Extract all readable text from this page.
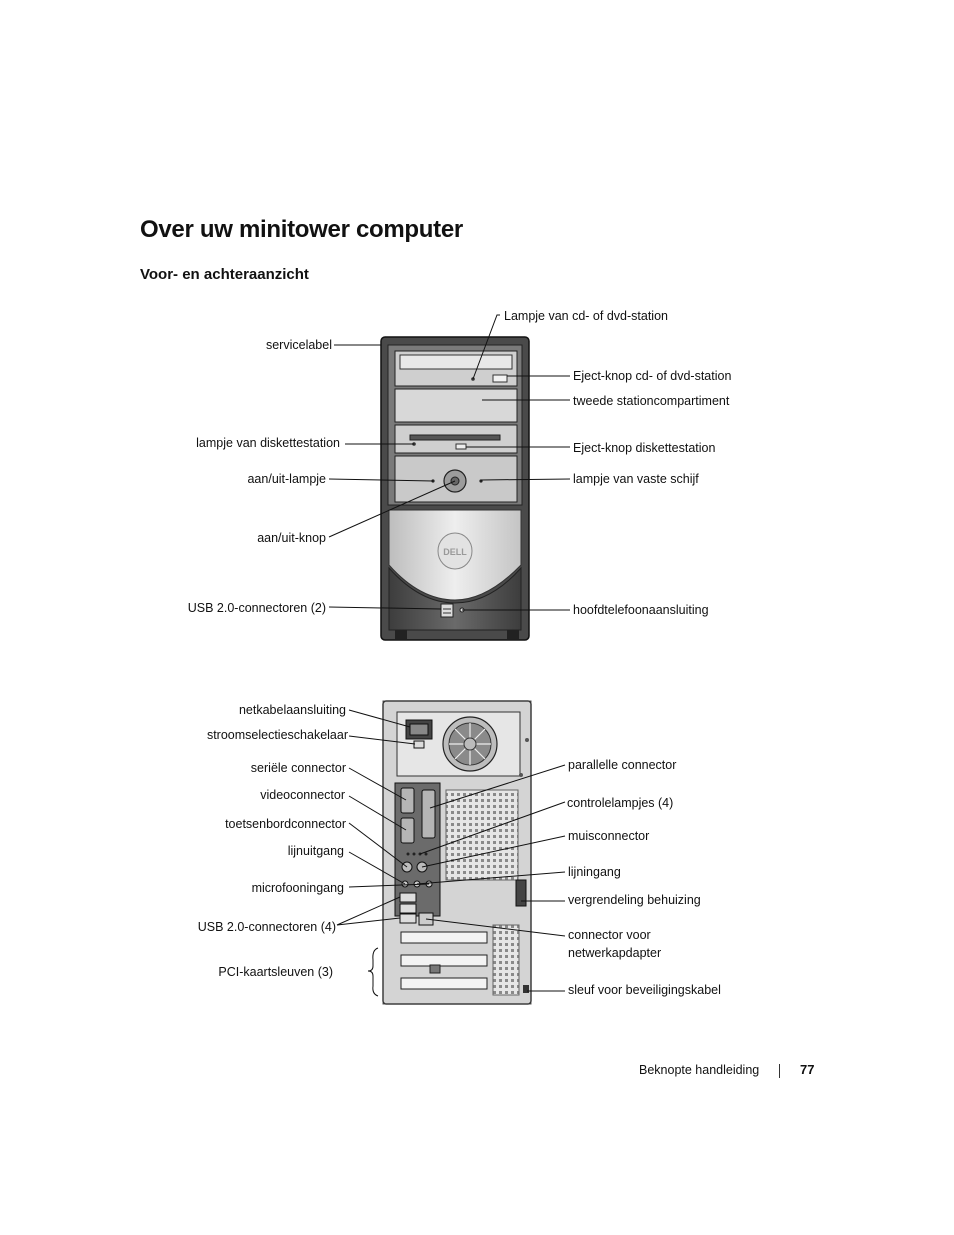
Over uw minitower computer
Voor- en achteraanzicht
DELL
Lampje van cd- of dvd-station
servicelabel
Eject-knop cd- of dvd-station
tweede stationcompartiment
lampje van diskettestation	Eject-knop diskettestation
aan/uit-lampje	lampje van vaste schijf
aan/uit-knop
USB 2.0-connectoren (2)	hoofdtelefoonaansluiting
netkabelaansluiting
stroomselectieschakelaar
seriële connector	parallelle connector
videoconnector
controlelampjes (4)
toetsenbordconnector
muisconnector
lijnuitgang
lijningang
microfooningang
vergrendeling behuizing
USB 2.0-connectoren (4)
connector voor
netwerkapdapter
PCI-kaartsleuven (3)
sleuf voor beveiligingskabel
Beknopte handleiding	77
